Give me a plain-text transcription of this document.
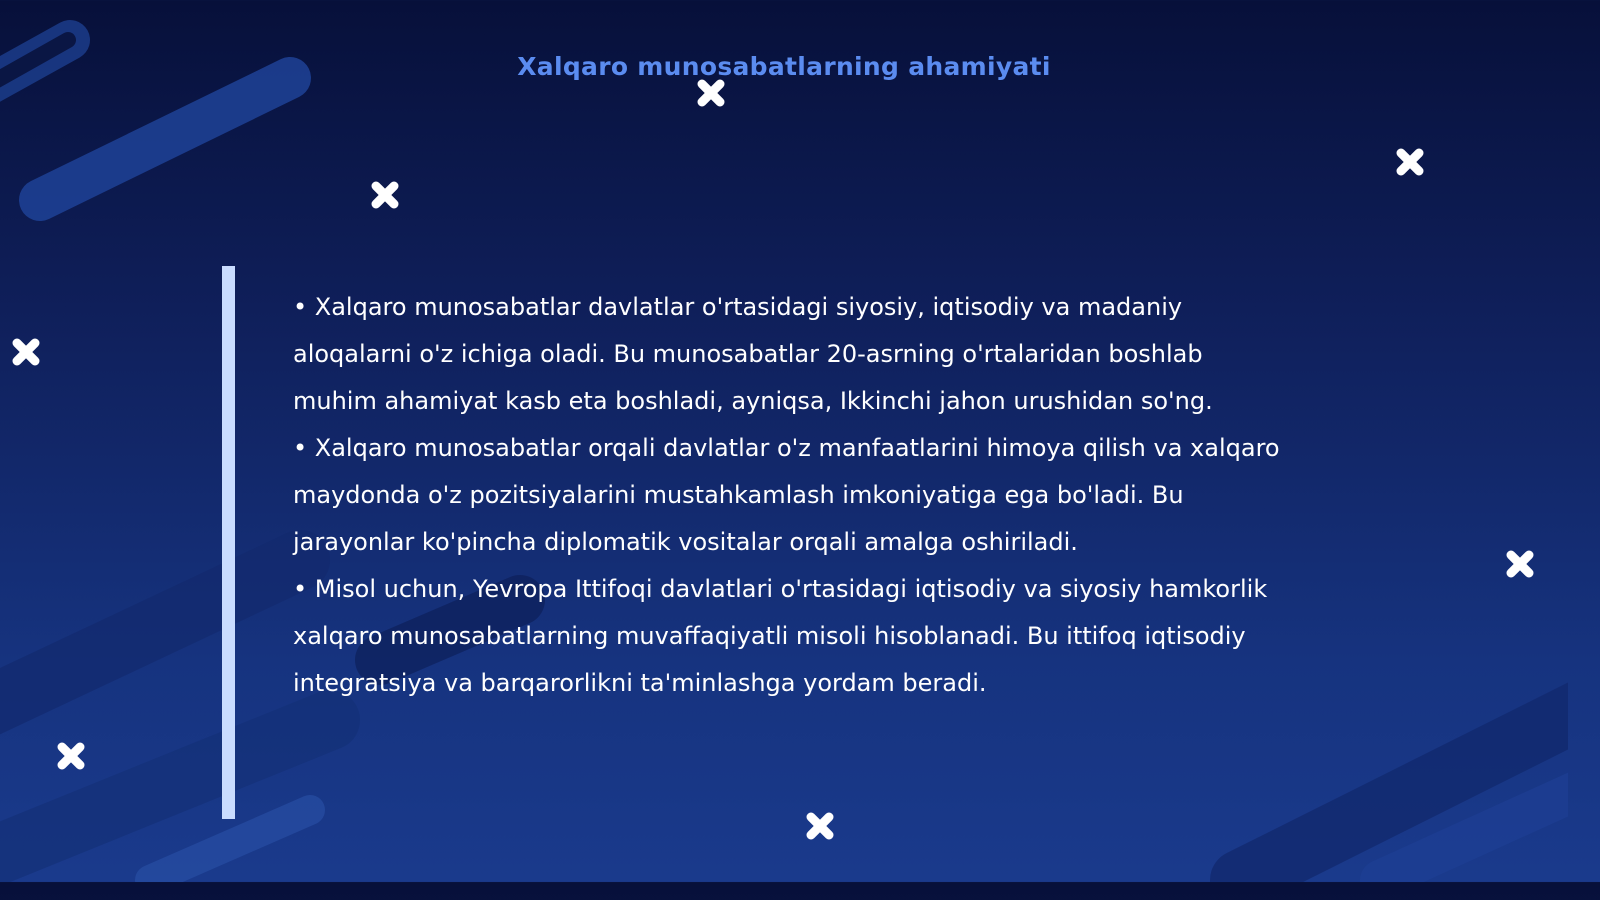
Xalqaro munosabatlarning ahamiyati

• Xalqaro munosabatlar davlatlar o'rtasidagi siyosiy, iqtisodiy va madaniy aloqalarni o'z ichiga oladi. Bu munosabatlar 20-asrning o'rtalaridan boshlab muhim ahamiyat kasb eta boshladi, ayniqsa, Ikkinchi jahon urushidan so'ng.

• Xalqaro munosabatlar orqali davlatlar o'z manfaatlarini himoya qilish va xalqaro maydonda o'z pozitsiyalarini mustahkamlash imkoniyatiga ega bo'ladi. Bu jarayonlar ko'pincha diplomatik vositalar orqali amalga oshiriladi.

• Misol uchun, Yevropa Ittifoqi davlatlari o'rtasidagi iqtisodiy va siyosiy hamkorlik xalqaro munosabatlarning muvaffaqiyatli misoli hisoblanadi. Bu ittifoq iqtisodiy integratsiya va barqarorlikni ta'minlashga yordam beradi.
